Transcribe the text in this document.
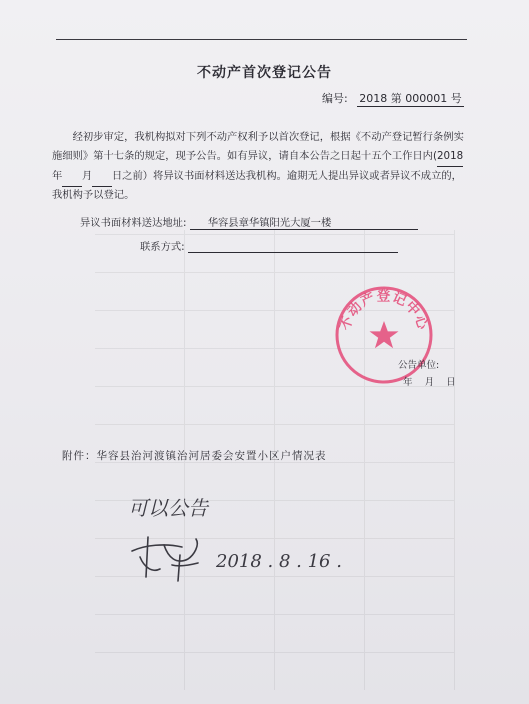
不动产首次登记公告
编号: 2018 第 000001 号
经初步审定，我机构拟对下列不动产权利予以首次登记，根据《不动产登记暂行条例实施细则》第十七条的规定，现予公告。如有异议，请自本公告之日起十五个工作日内(2018年 月 日之前）将异议书面材料送达我机构。逾期无人提出异议或者异议不成立的，
我机构予以登记。
异议书面材料送达地址: 华容县章华镇阳光大厦一楼
联系方式:
不动产登记中心
公告单位:
年    月    日
附件：华容县治河渡镇治河居委会安置小区户情况表
可以公告
2018 . 8 . 16 .
